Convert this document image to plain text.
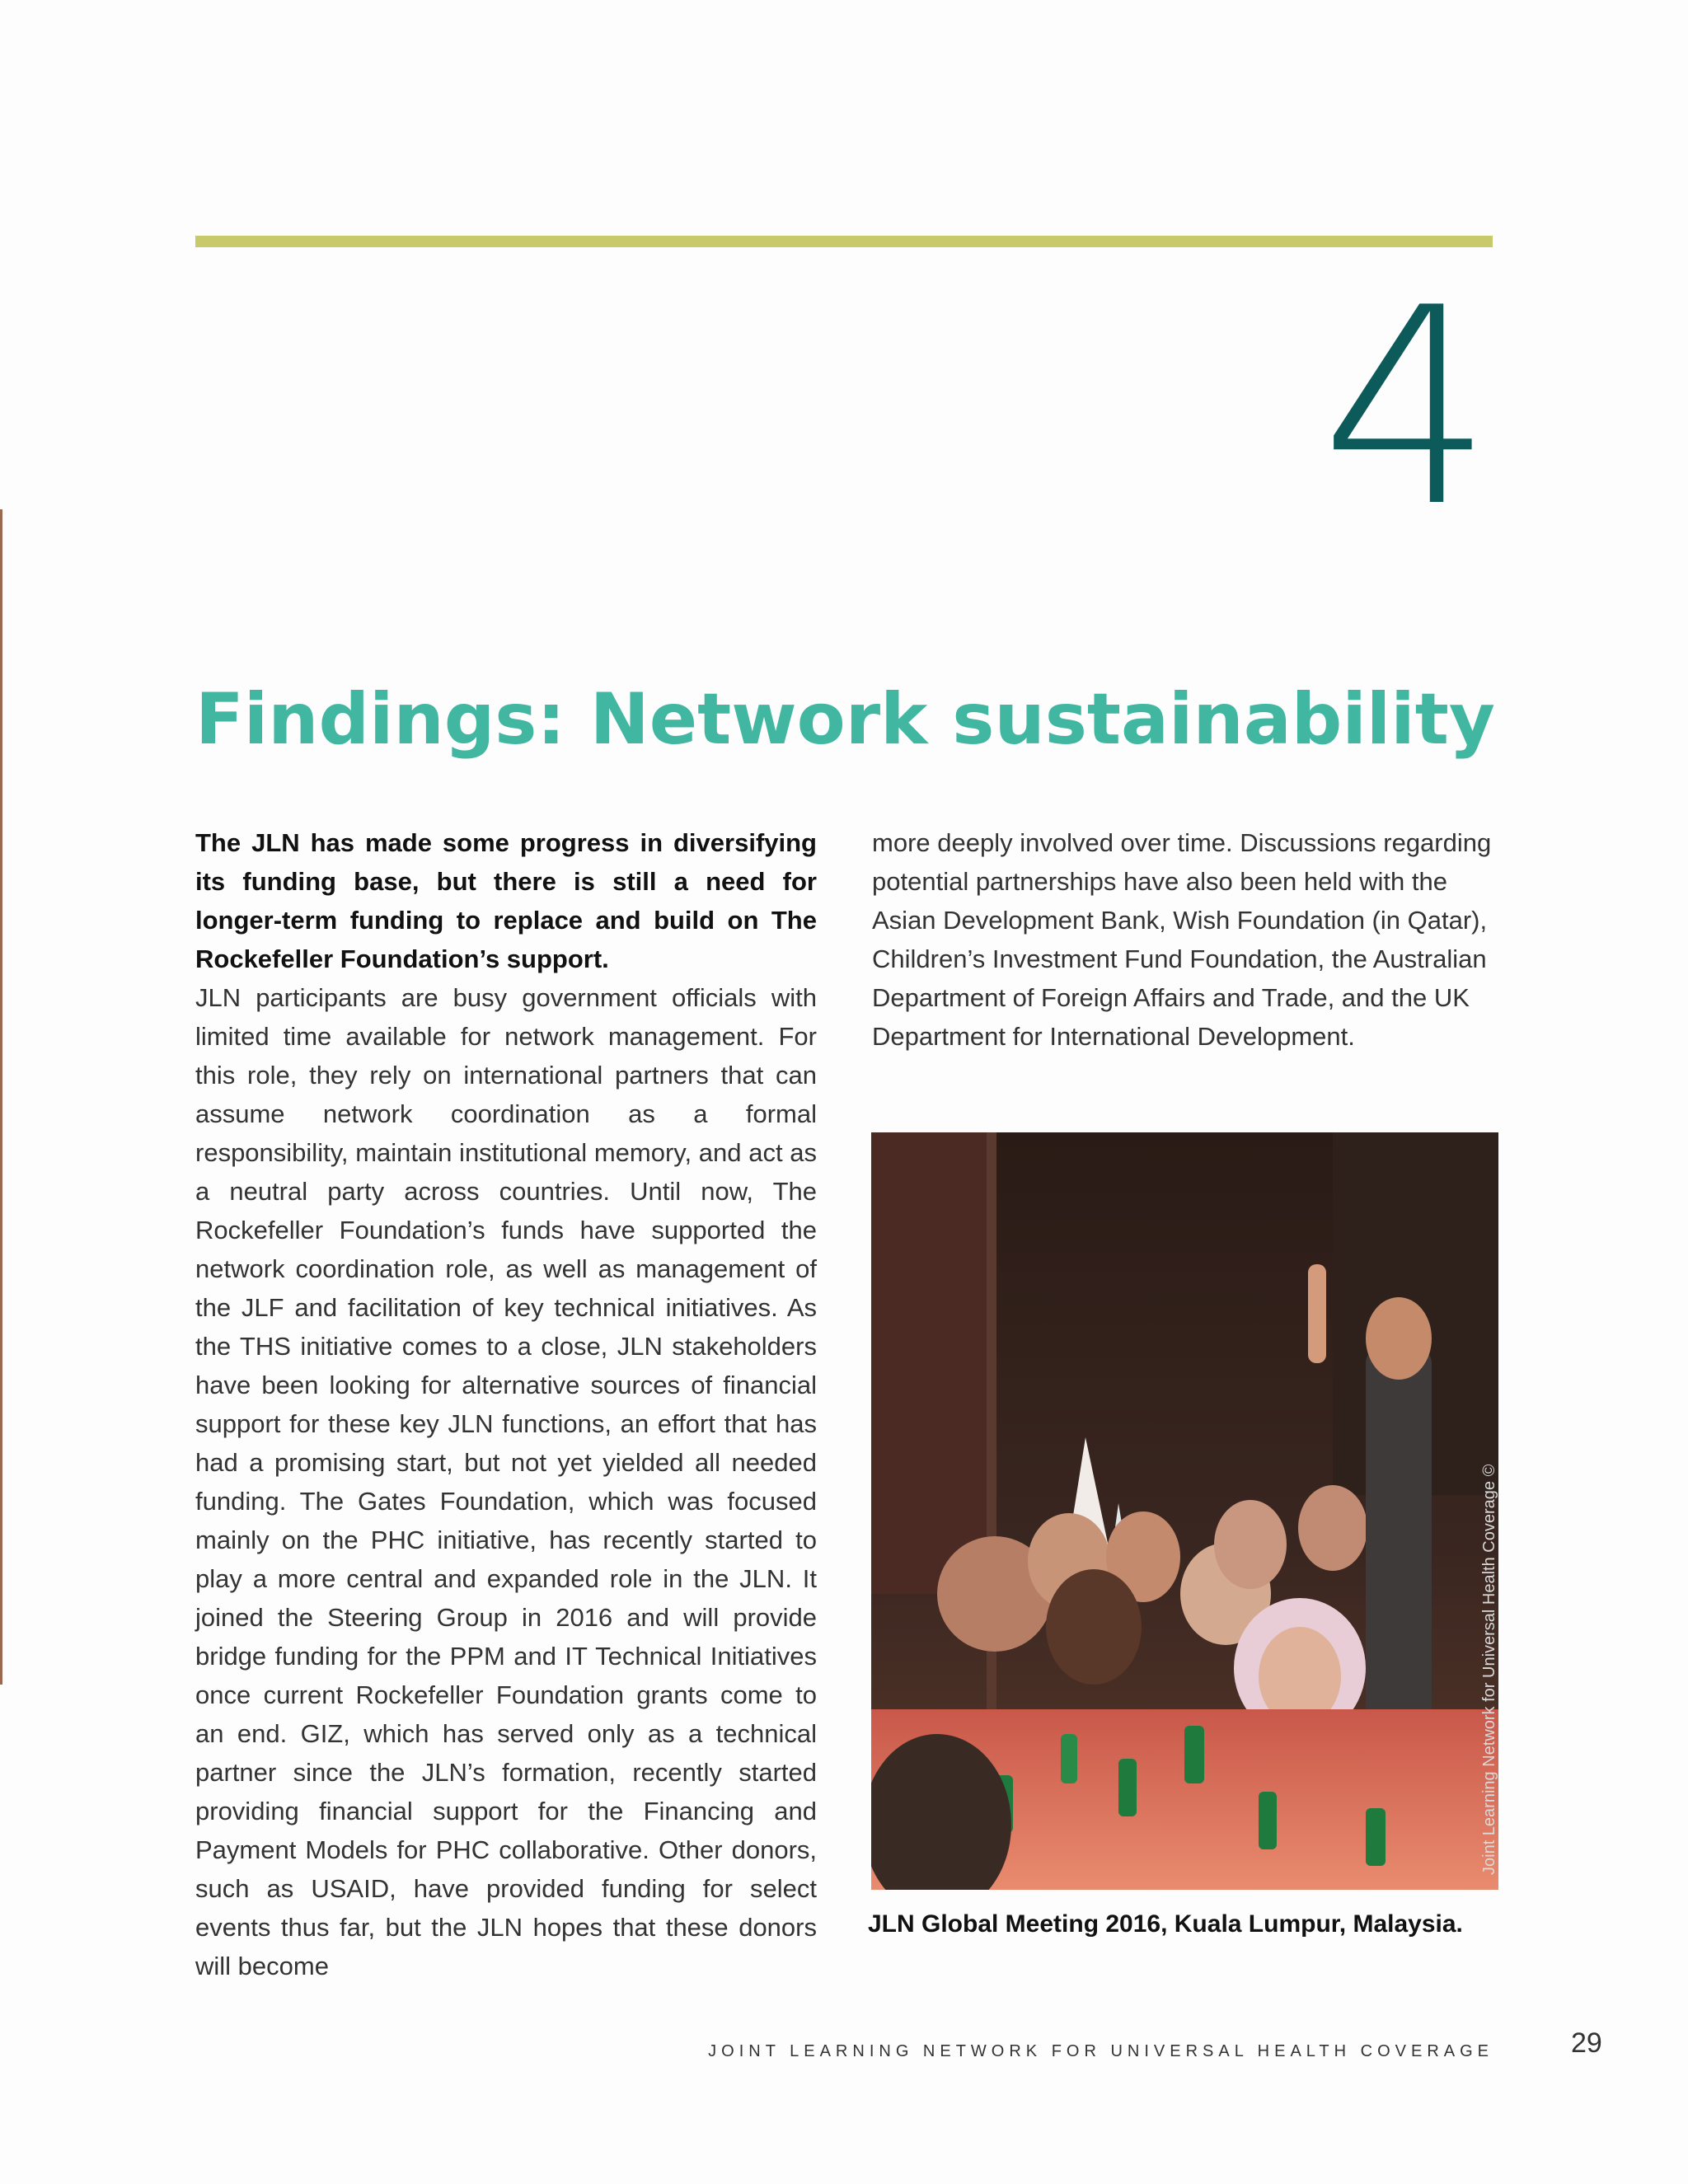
4
Findings: Network sustainability

The JLN has made some progress in diversifying its funding base, but there is still a need for longer-term funding to replace and build on The Rockefeller Foundation’s support.

JLN participants are busy government officials with limited time available for network management. For this role, they rely on international partners that can assume network coordination as a formal responsibility, maintain institutional memory, and act as a neutral party across countries. Until now, The Rockefeller Foundation’s funds have supported the network coordination role, as well as management of the JLF and facilitation of key technical initiatives. As the THS initiative comes to a close, JLN stakeholders have been looking for alternative sources of financial support for these key JLN functions, an effort that has had a promising start, but not yet yielded all needed funding. The Gates Foundation, which was focused mainly on the PHC initiative, has recently started to play a more central and expanded role in the JLN. It joined the Steering Group in 2016 and will provide bridge funding for the PPM and IT Technical Initiatives once current Rockefeller Foundation grants come to an end. GIZ, which has served only as a technical partner since the JLN’s formation, recently started providing financial support for the Financing and Payment Models for PHC collaborative. Other donors, such as USAID, have provided funding for select events thus far, but the JLN hopes that these donors will become

more deeply involved over time. Discussions regarding potential partnerships have also been held with the Asian Development Bank, Wish Foundation (in Qatar), Children’s Investment Fund Foundation, the Australian Department of Foreign Affairs and Trade, and the UK Department for International Development.

Joint Learning Network for Universal Health Coverage ©
JLN Global Meeting 2016, Kuala Lumpur, Malaysia.
JOINT LEARNING NETWORK FOR UNIVERSAL HEALTH COVERAGE	29
